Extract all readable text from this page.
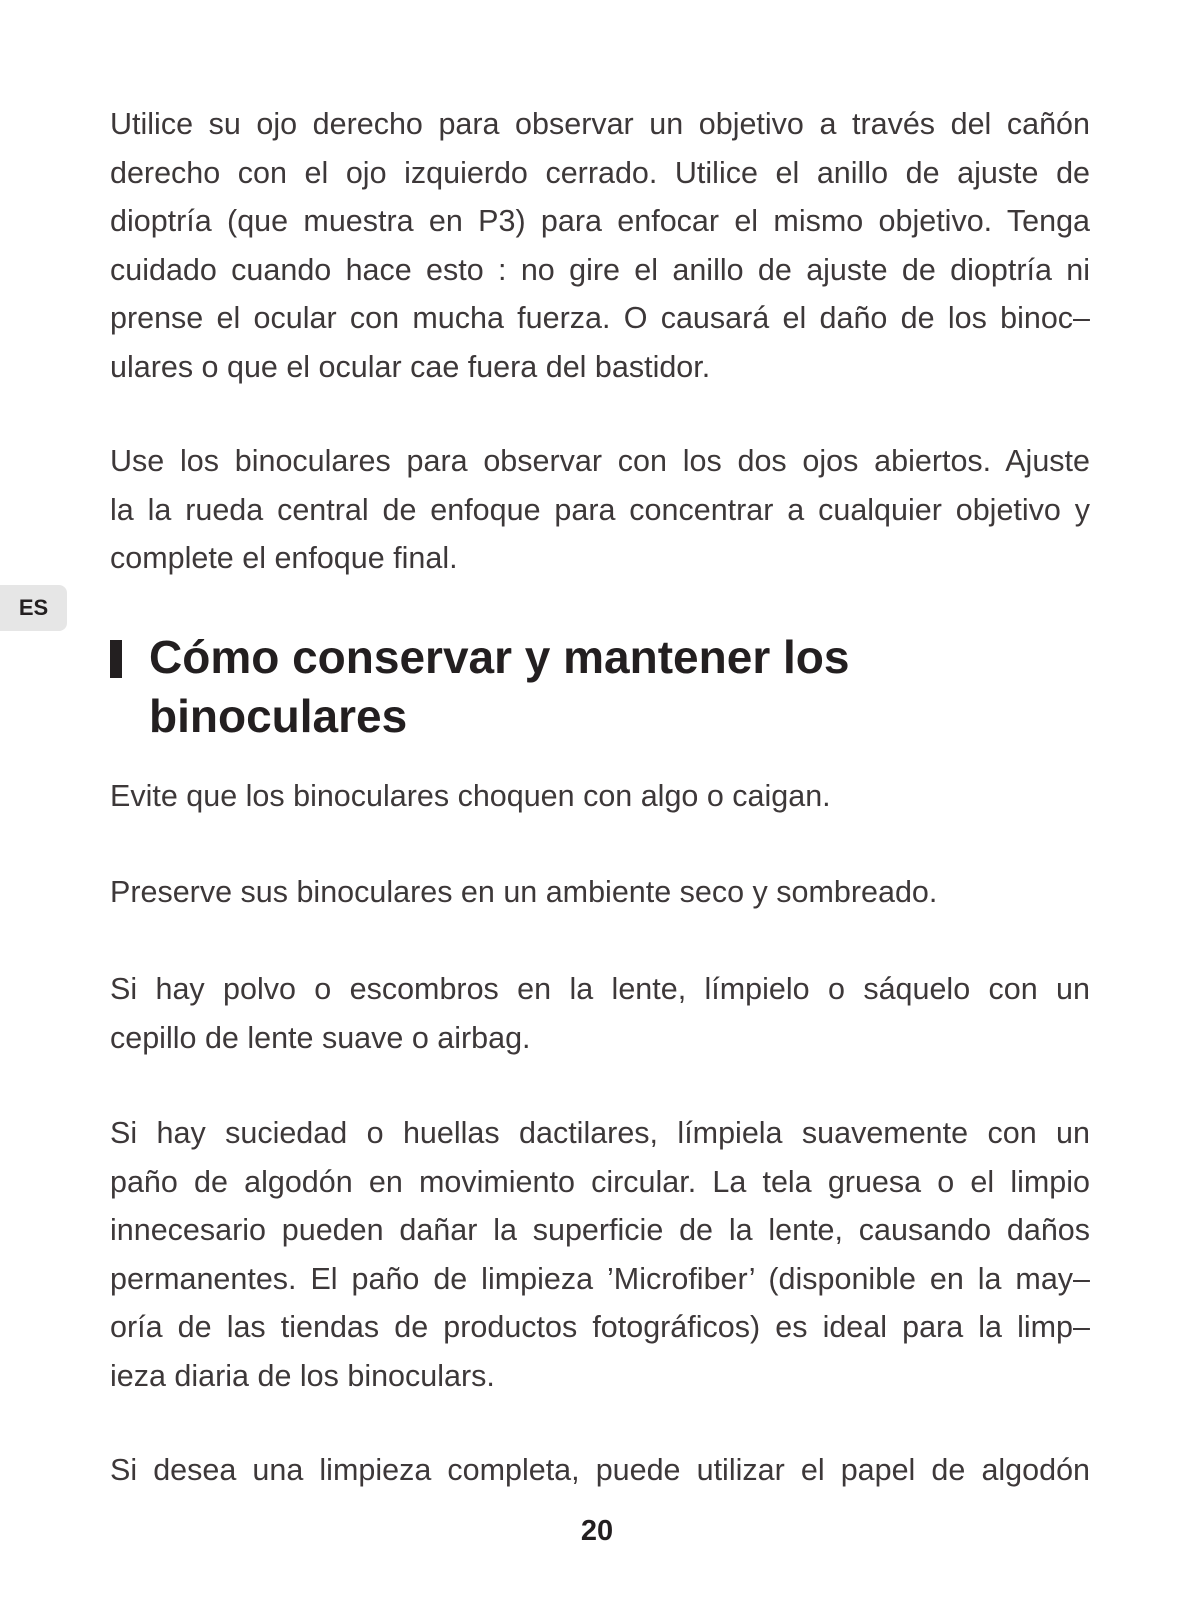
Utilice su ojo derecho para observar un objetivo a través del cañón
derecho con el ojo izquierdo cerrado. Utilice el anillo de ajuste de
dioptría (que muestra en P3) para enfocar el mismo objetivo. Tenga
cuidado cuando hace esto : no gire el anillo de ajuste de dioptría ni
prense el ocular con mucha fuerza. O causará el daño de los binoc–
ulares o que el ocular cae fuera del bastidor.
Use los binoculares para observar con los dos ojos abiertos. Ajuste
la la rueda central de enfoque para concentrar a cualquier objetivo y
complete el enfoque final.
ES
Cómo conservar y mantener los
binoculares
Evite que los binoculares choquen con algo o caigan.
Preserve sus binoculares en un ambiente seco y sombreado.
Si hay polvo o escombros en la lente, límpielo o sáquelo con un
cepillo de lente suave o airbag.
Si hay suciedad o huellas dactilares, límpiela suavemente con un
paño de algodón en movimiento circular. La tela gruesa o el limpio
innecesario pueden dañar la superficie de la lente, causando daños
permanentes. El paño de limpieza ’Microfiber’ (disponible en la may–
oría de las tiendas de productos fotográficos) es ideal para la limp–
ieza diaria de los binoculars.
Si desea una limpieza completa, puede utilizar el papel de algodón
20
